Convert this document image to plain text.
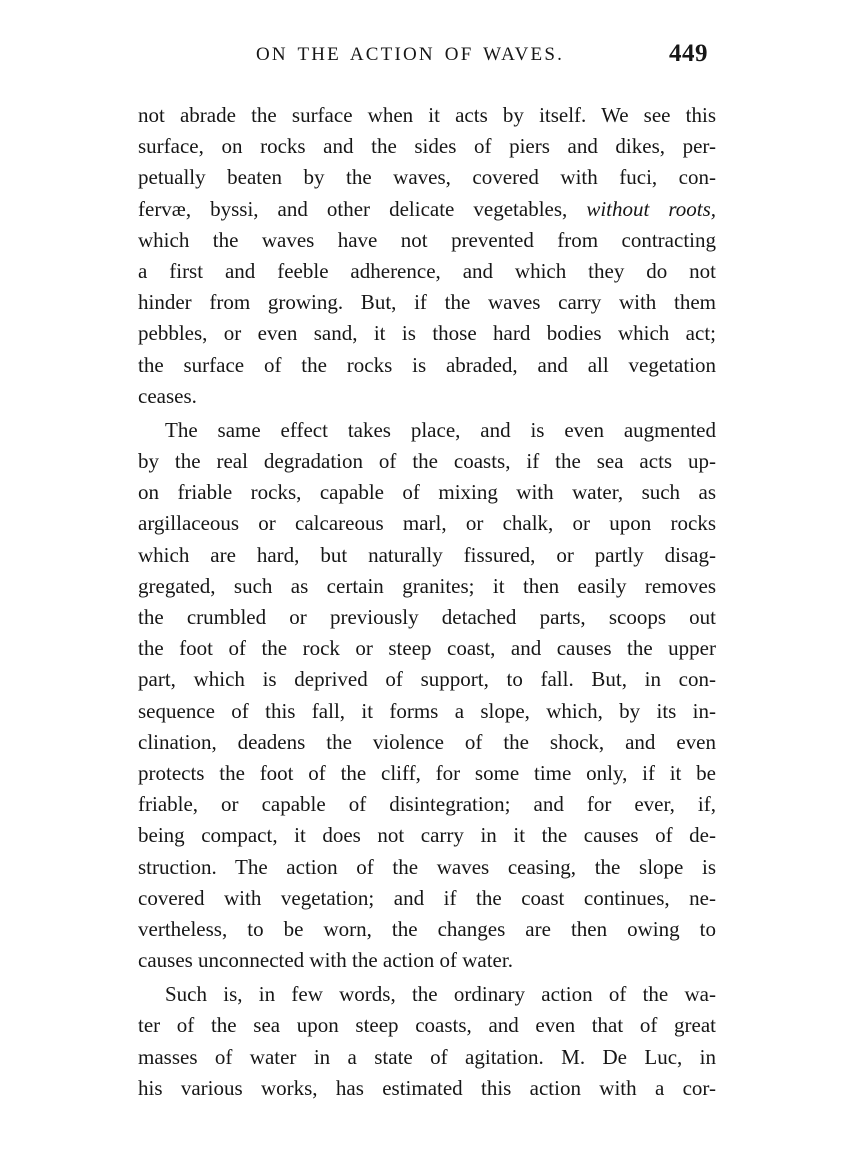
ON THE ACTION OF WAVES.	449
not abrade the surface when it acts by itself. We see this
surface, on rocks and the sides of piers and dikes, per-
petually beaten by the waves, covered with fuci, con-
fervæ, byssi, and other delicate vegetables, without roots,
which the waves have not prevented from contracting
a first and feeble adherence, and which they do not
hinder from growing. But, if the waves carry with them
pebbles, or even sand, it is those hard bodies which act;
the surface of the rocks is abraded, and all vegetation
ceases.
The same effect takes place, and is even augmented
by the real degradation of the coasts, if the sea acts up-
on friable rocks, capable of mixing with water, such as
argillaceous or calcareous marl, or chalk, or upon rocks
which are hard, but naturally fissured, or partly disag-
gregated, such as certain granites; it then easily removes
the crumbled or previously detached parts, scoops out
the foot of the rock or steep coast, and causes the upper
part, which is deprived of support, to fall. But, in con-
sequence of this fall, it forms a slope, which, by its in-
clination, deadens the violence of the shock, and even
protects the foot of the cliff, for some time only, if it be
friable, or capable of disintegration; and for ever, if,
being compact, it does not carry in it the causes of de-
struction. The action of the waves ceasing, the slope is
covered with vegetation; and if the coast continues, ne-
vertheless, to be worn, the changes are then owing to
causes unconnected with the action of water.
Such is, in few words, the ordinary action of the wa-
ter of the sea upon steep coasts, and even that of great
masses of water in a state of agitation. M. De Luc, in
his various works, has estimated this action with a cor-
